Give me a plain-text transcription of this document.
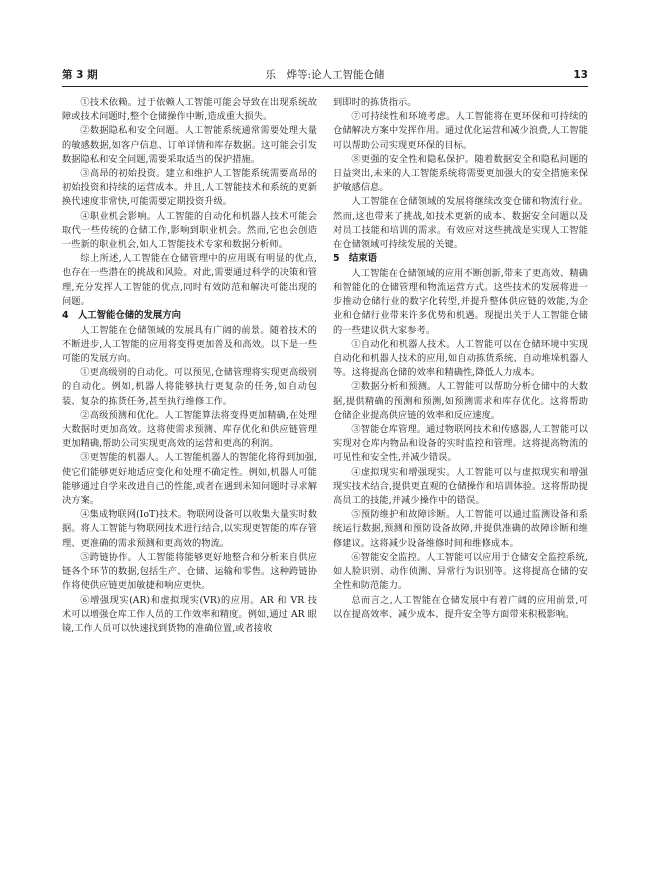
第 3 期	乐　烨等:论人工智能仓储	13

①技术依赖。过于依赖人工智能可能会导致在出现系统故障或技术问题时,整个仓储操作中断,造成重大损失。

②数据隐私和安全问题。人工智能系统通常需要处理大量的敏感数据,如客户信息、订单详情和库存数据。这可能会引发数据隐私和安全问题,需要采取适当的保护措施。

③高昂的初始投资。建立和维护人工智能系统需要高昂的初始投资和持续的运营成本。并且,人工智能技术和系统的更新换代速度非常快,可能需要定期投资升级。

④职业机会影响。人工智能的自动化和机器人技术可能会取代一些传统的仓储工作,影响到职业机会。然而,它也会创造一些新的职业机会,如人工智能技术专家和数据分析师。

综上所述,人工智能在仓储管理中的应用既有明显的优点,也存在一些潜在的挑战和风险。对此,需要通过科学的决策和管理,充分发挥人工智能的优点,同时有效防范和解决可能出现的问题。

4　人工智能仓储的发展方向

人工智能在仓储领域的发展具有广阔的前景。随着技术的不断进步,人工智能的应用将变得更加普及和高效。以下是一些可能的发展方向。

①更高级别的自动化。可以预见,仓储管理将实现更高级别的自动化。例如,机器人将能够执行更复杂的任务,如自动包装、复杂的拣货任务,甚至执行维修工作。

②高级预测和优化。人工智能算法将变得更加精确,在处理大数据时更加高效。这将使需求预测、库存优化和供应链管理更加精确,帮助公司实现更高效的运营和更高的利润。

③更智能的机器人。人工智能机器人的智能化将得到加强,使它们能够更好地适应变化和处理不确定性。例如,机器人可能能够通过自学来改进自己的性能,或者在遇到未知问题时寻求解决方案。

④集成物联网(IoT)技术。物联网设备可以收集大量实时数据。将人工智能与物联网技术进行结合,以实现更智能的库存管理、更准确的需求预测和更高效的物流。

⑤跨链协作。人工智能将能够更好地整合和分析来自供应链各个环节的数据,包括生产、仓储、运输和零售。这种跨链协作将使供应链更加敏捷和响应更快。

⑥增强现实(AR)和虚拟现实(VR)的应用。AR 和 VR 技术可以增强仓库工作人员的工作效率和精度。例如,通过 AR 眼镜,工作人员可以快速找到货物的准确位置,或者接收

到即时的拣货指示。

⑦可持续性和环境考虑。人工智能将在更环保和可持续的仓储解决方案中发挥作用。通过优化运营和减少浪费,人工智能可以帮助公司实现更环保的目标。

⑧更强的安全性和隐私保护。随着数据安全和隐私问题的日益突出,未来的人工智能系统将需要更加强大的安全措施来保护敏感信息。

人工智能在仓储领域的发展将继续改变仓储和物流行业。然而,这也带来了挑战,如技术更新的成本、数据安全问题以及对员工技能和培训的需求。有效应对这些挑战是实现人工智能在仓储领域可持续发展的关键。

5　结束语

人工智能在仓储领域的应用不断创新,带来了更高效、精确和智能化的仓储管理和物流运营方式。这些技术的发展将进一步推动仓储行业的数字化转型,并提升整体供应链的效能,为企业和仓储行业带来许多优势和机遇。现提出关于人工智能仓储的一些建议供大家参考。

①自动化和机器人技术。人工智能可以在仓储环境中实现自动化和机器人技术的应用,如自动拣货系统、自动堆垛机器人等。这将提高仓储的效率和精确性,降低人力成本。

②数据分析和预测。人工智能可以帮助分析仓储中的大数据,提供精确的预测和预测,如预测需求和库存优化。这将帮助仓储企业提高供应链的效率和反应速度。

③智能仓库管理。通过物联网技术和传感器,人工智能可以实现对仓库内物品和设备的实时监控和管理。这将提高物流的可见性和安全性,并减少错误。

④虚拟现实和增强现实。人工智能可以与虚拟现实和增强现实技术结合,提供更直观的仓储操作和培训体验。这将帮助提高员工的技能,并减少操作中的错误。

⑤预防维护和故障诊断。人工智能可以通过监测设备和系统运行数据,预测和预防设备故障,并提供准确的故障诊断和维修建议。这将减少设备维修时间和维修成本。

⑥智能安全监控。人工智能可以应用于仓储安全监控系统,如人脸识别、动作侦测、异常行为识别等。这将提高仓储的安全性和防范能力。

总而言之,人工智能在仓储发展中有着广阔的应用前景,可以在提高效率、减少成本、提升安全等方面带来积极影响。
